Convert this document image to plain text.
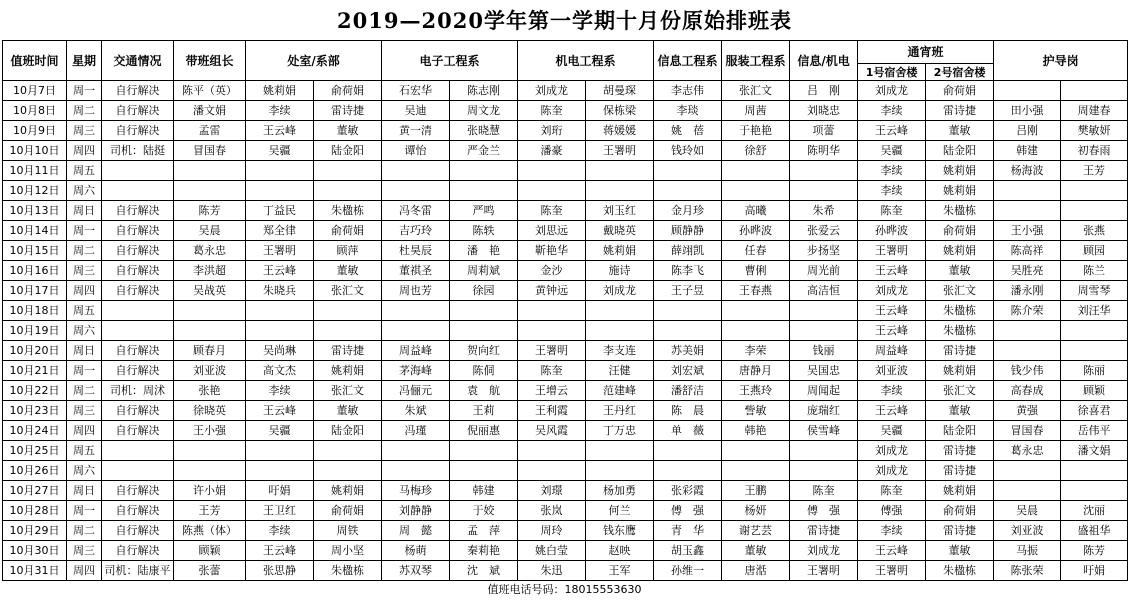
2019—2020学年第一学期十月份原始排班表
值班时间	星期	交通情况	带班组长	处室/系部		电子工程系		机电工程系		信息工程系	服装工程系	信息/机电	通宵班		护导岗	
													1号宿舍楼	2号宿舍楼		
10月7日	周一	自行解决	陈平（英）	姚莉娟	俞荷娟	石宏华	陈志刚	刘成龙	胡曼琛	李志伟	张汇文	吕　刚	刘成龙	俞荷娟		
10月8日	周二	自行解决	潘文娟	李续	雷诗捷	吴迪	周文龙	陈奎	保栋梁	李琰	周茜	刘晓忠	李续	雷诗捷	田小强	周建春
10月9日	周三	自行解决	孟雷	王云峰	董敏	黄一清	张晓慧	刘珩	蒋媛媛	姚　蓓	于艳艳	项蕾	王云峰	董敏	吕刚	樊敏妍
10月10日	周四	司机：陆挺	冒国春	吴疆	陆金阳	谭怡	严金兰	潘豪	王署明	钱玲如	徐舒	陈明华	吴疆	陆金阳	韩建	初春雨
10月11日	周五												李续	姚莉娟	杨海波	王芳
10月12日	周六												李续	姚莉娟		
10月13日	周日	自行解决	陈芳	丁益民	朱楹栋	冯冬雷	严鸣	陈奎	刘玉红	金月珍	高曦	朱希	陈奎	朱楹栋		
10月14日	周一	自行解决	吴晨	郑全律	俞荷娟	吉巧玲	陈轶	刘思远	戴晓英	顾静静	孙晔波	张爱云	孙晔波	俞荷娟	王小强	张燕
10月15日	周二	自行解决	葛永忠	王署明	顾萍	杜昊辰	潘　艳	靳艳华	姚莉娟	薛翊凯	任春	步扬坚	王署明	姚莉娟	陈高祥	顾园
10月16日	周三	自行解决	李洪超	王云峰	董敏	董祺圣	周莉斌	金沙	施诗	陈李飞	曹俐	周光前	王云峰	董敏	吴胜亮	陈兰
10月17日	周四	自行解决	吴战英	朱晓兵	张汇文	周也芳	徐园	黄钟远	刘成龙	王子昱	王春燕	高洁恒	刘成龙	张汇文	潘永刚	周雪琴
10月18日	周五												王云峰	朱楹栋	陈介荣	刘汪华
10月19日	周六												王云峰	朱楹栋		
10月20日	周日	自行解决	顾春月	吴尚琳	雷诗捷	周益峰	贺向红	王署明	李支连	苏美娟	李荣	钱丽	周益峰	雷诗捷		
10月21日	周一	自行解决	刘亚波	高文杰	姚莉娟	茅海峰	陈侗	陈奎	汪健	刘宏斌	唐静月	吴国忠	刘亚波	姚莉娟	钱少伟	陈丽
10月22日	周二	司机：周沭	张艳	李续	张汇文	冯俪元	袁　航	王增云	范建峰	潘舒洁	王燕玲	周闻起	李续	张汇文	高春成	顾颖
10月23日	周三	自行解决	徐晓英	王云峰	董敏	朱斌	王莉	王利霞	王丹红	陈　晨	訾敏	庞瑞红	王云峰	董敏	黄强	徐喜君
10月24日	周四	自行解决	王小强	吴疆	陆金阳	冯瑾	倪丽惠	吴风霞	丁万忠	单　薇	韩艳	侯雪峰	吴疆	陆金阳	冒国春	岳伟平
10月25日	周五												刘成龙	雷诗捷	葛永忠	潘文娟
10月26日	周六												刘成龙	雷诗捷		
10月27日	周日	自行解决	许小娟	吁娟	姚莉娟	马梅珍	韩建	刘璟	杨加勇	张彩霞	王鹏	陈奎	陈奎	姚莉娟		
10月28日	周一	自行解决	王芳	王卫红	俞荷娟	刘静静	于姣	张岚	何兰	傅　强	杨妍	傅　强	傅强	俞荷娟	吴晨	沈丽
10月29日	周二	自行解决	陈燕（体）	李续	周铁	周　懿	孟　萍	周玲	钱东鹰	青　华	谢艺芸	雷诗捷	李续	雷诗捷	刘亚波	盛祖华
10月30日	周三	自行解决	顾颖	王云峰	周小坚	杨萌	秦莉艳	姚白莹	赵映	胡玉鑫	董敏	刘成龙	王云峰	董敏	马振	陈芳
10月31日	周四	司机：陆康平	张蕾	张思静	朱楹栋	苏双琴	沈　斌	朱迅	王军	孙维一	唐湉	王署明	王署明	朱楹栋	陈张荣	吁娟
值班电话号码：18015553630
